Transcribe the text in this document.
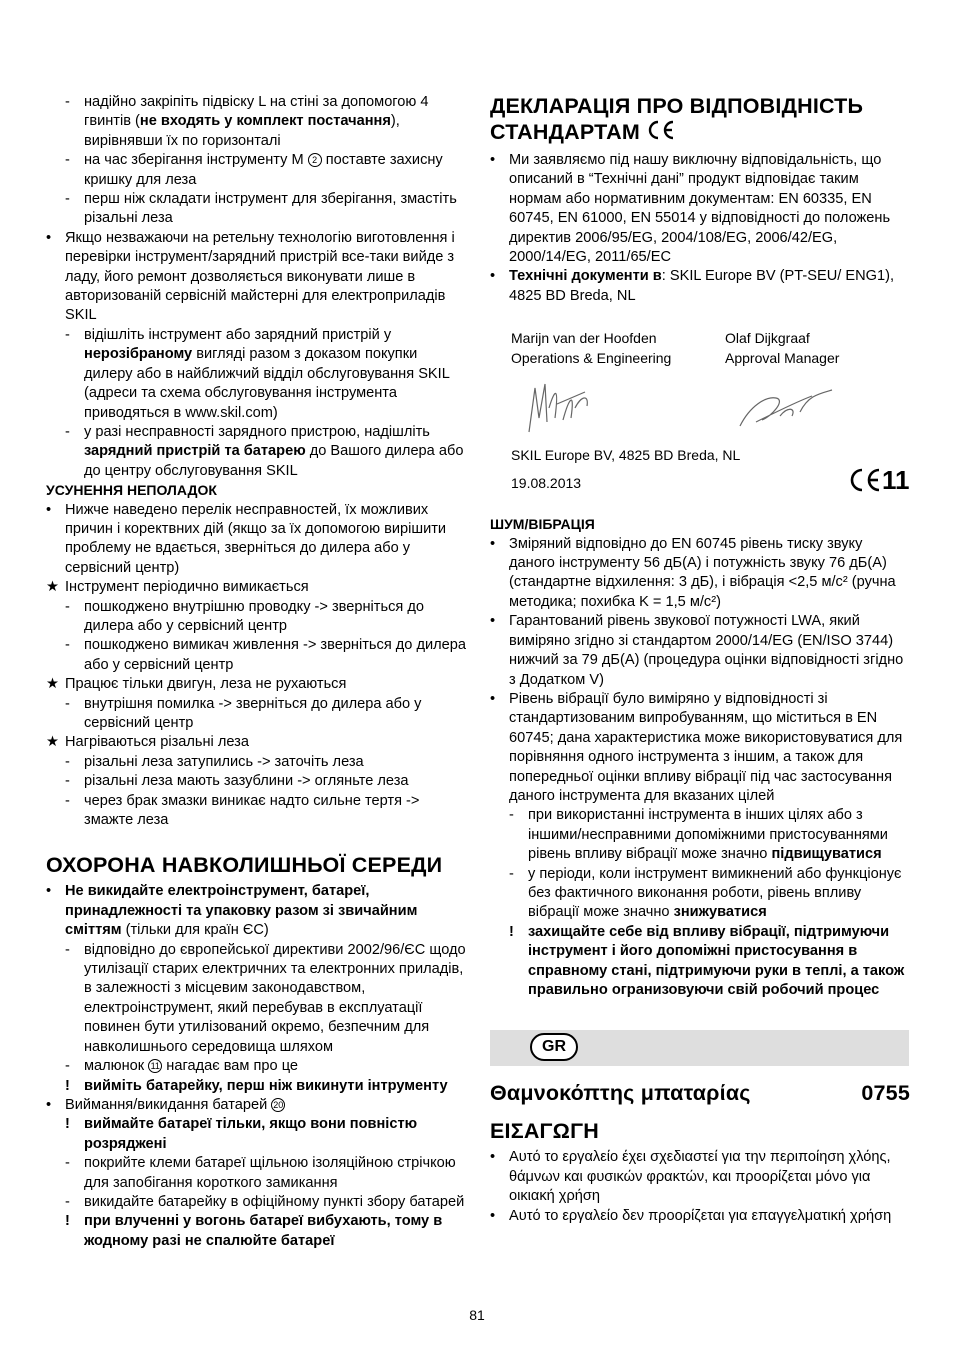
- надійно закріпіть підвіску L на стіні за допомогою 4 гвинтів (не входять у комплект постачання), вирівнявши їх по горизонталі
- на час зберігання інструменту M 2 поставте захисну кришку для леза
- перш ніж складати інструмент для зберігання, змастіть різальні леза
• Якщо незважаючи на ретельну технологію виготовлення і перевірки інструмент/зарядний пристрій все-таки вийде з ладу, його ремонт дозволяється виконувати лише в авторизованій сервісній майстерні для електроприладів SKIL
- відішліть інструмент або зарядний пристрій у нерозібраному вигляді разом з доказом покупки дилеру або в найближчий відділ обслуговування SKIL (адреси та схема обслуговування інструмента приводяться в www.skil.com)
- у разі несправності зарядного пристрою, надішліть зарядний пристрій та батарею до Вашого дилера або до центру обслуговування SKIL
УСУНЕННЯ НЕПОЛАДОК
• Нижче наведено перелік несправностей, їх можливих причин і коректвних дій (якщо за їх допомогою вирішити проблему не вдається, зверніться до дилера або у сервісний центр)
★ Інструмент періодично вимикається
- пошкоджено внутрішню проводку -> зверніться до дилера або у сервісний центр
- пошкоджено вимикач живлення -> зверніться до дилера або у сервісний центр
★ Працює тільки двигун, леза не рухаються
- внутрішня помилка -> зверніться до дилера або у сервісний центр
★ Нагріваються різальні леза
- різальні леза затупились -> заточіть леза
- різальні леза мають зазублини -> огляньте леза
- через брак змазки виникає надто сильне тертя -> змажте леза
ОХОРОНА НАВКОЛИШНЬОЇ СЕРЕДИ
• Не викидайте електроінструмент, батареї, принадлежності та упаковку разом зі звичайним сміттям (тільки для країн ЄС)
- відповідно до європейської директиви 2002/96/ЄС щодо утилізації старих електричних та електронних приладів, в залежності з місцевим законодавством, електроінструмент, який перебував в експлуатації повинен бути утилізований окремо, безпечним для навколишнього середовища шляхом
- малюнок 11 нагадає вам про це
! вийміть батарейку, перш ніж викинути інтрументу
• Виймання/викидання батарей 20
! виймайте батареї тільки, якщо вони повністю розряджені
- покрийте клеми батареї щільною ізоляційною стрічкою для запобігання короткого замикання
- викидайте батарейку в офіційному пункті збору батарей
! при влученні у вогонь батареї вибухають, тому в жодному разі не спалюйте батареї
ДЕКЛАРАЦІЯ ПРО ВІДПОВІДНІСТЬ СТАНДАРТАМ
• Ми заявляємо під нашу виключну відповідальність, що описаний в “Технічні дані” продукт відповідає таким нормам або нормативним документам: EN 60335, EN 60745, EN 61000, EN 55014 у відповідності до положень директив 2006/95/EG, 2004/108/EG, 2006/42/EG, 2000/14/EG, 2011/65/EC
• Технічні документи в: SKIL Europe BV (PT-SEU/ ENG1), 4825 BD Breda, NL
Marijn van der Hoofden
Operations & Engineering
Olaf Dijkgraaf
Approval Manager
SKIL Europe BV, 4825 BD Breda, NL
19.08.2013	11
ШУМ/ВІБРАЦІЯ
• Зміряний відповідно до EN 60745 рівень тиску звуку даного інструменту 56 дБ(A) і потужність звуку 76 дБ(A) (стандартне відхилення: 3 дБ), і вібрація <2,5 м/с² (ручна методика; похибка K = 1,5 м/с²)
• Гарантований рівень звукової потужності LWA, який виміряно згідно зі стандартом 2000/14/EG (EN/ISO 3744) нижчий за 79 дБ(A) (процедура оцінки відповідності згідно з Додатком V)
• Рівень вібрації було виміряно у відповідності зі стандартизованим випробуванням, що міститься в EN 60745; дана характеристика може використовуватися для порівняння одного інструмента з іншим, а також для попередньої оцінки впливу вібрації під час застосування даного інструмента для вказаних цілей
- при використанні інструмента в інших цілях або з іншими/несправними допоміжними пристосуваннями рівень впливу вібрації може значно підвищуватися
- у періоди, коли інструмент вимикнений або функціонує без фактичного виконання роботи, рівень впливу вібрації може значно знижуватися
! захищайте себе від впливу вібрації, підтримуючи інструмент і його допоміжні пристосування в справному стані, підтримуючи руки в теплі, а також правильно огранизовуючи свій робочий процес
GR
Θαμνοκόπτης μπαταρίας	0755
ΕΙΣΑΓΩΓΗ
• Αυτό το εργαλείο έχει σχεδιαστεί για την περιποίηση χλόης, θάμνων και φυσικών φρακτών, και προορίζεται μόνο για οικιακή χρήση
• Αυτό το εργαλείο δεν προορίζεται για επαγγελματική χρήση
81
